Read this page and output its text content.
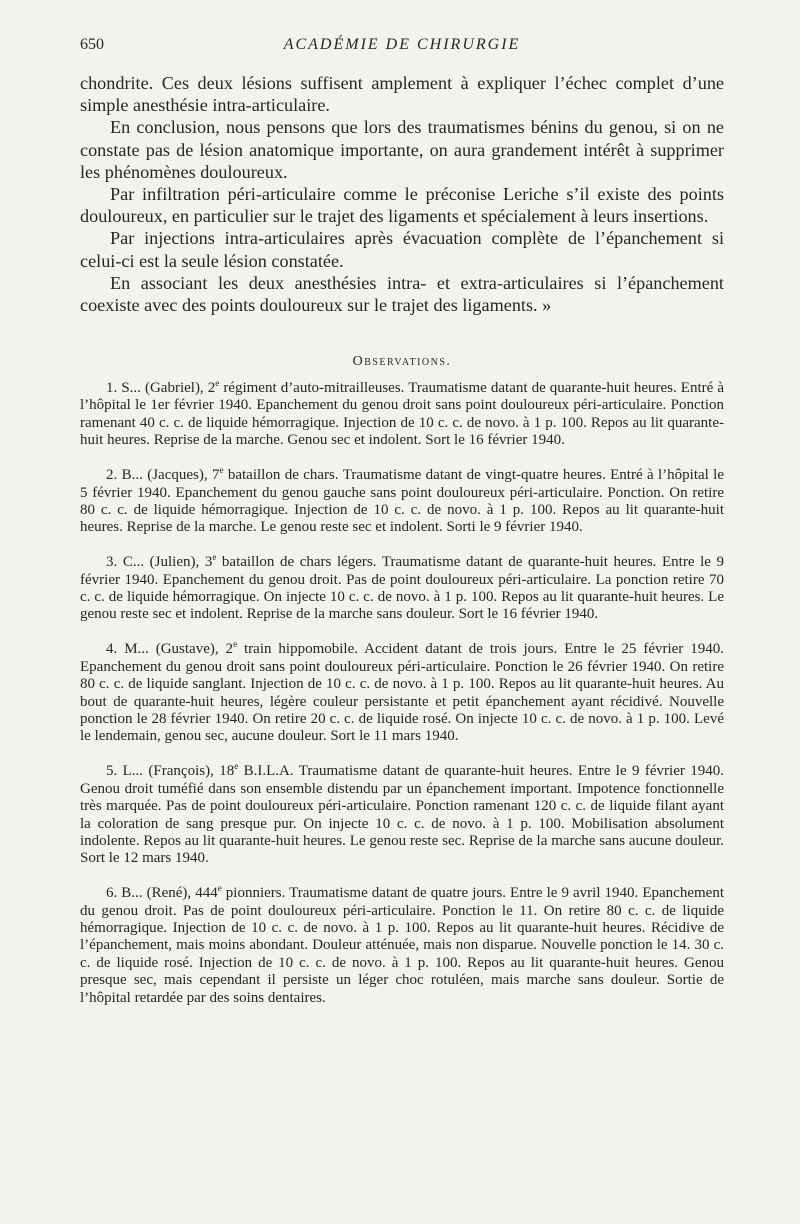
650	ACADÉMIE DE CHIRURGIE

chondrite. Ces deux lésions suffisent amplement à expliquer l’échec complet d’une simple anesthésie intra-articulaire.

En conclusion, nous pensons que lors des traumatismes bénins du genou, si on ne constate pas de lésion anatomique importante, on aura grandement intérêt à supprimer les phénomènes douloureux.

Par infiltration péri-articulaire comme le préconise Leriche s’il existe des points douloureux, en particulier sur le trajet des ligaments et spécialement à leurs insertions.

Par injections intra-articulaires après évacuation complète de l’épanchement si celui-ci est la seule lésion constatée.

En associant les deux anesthésies intra- et extra-articulaires si l’épanchement coexiste avec des points douloureux sur le trajet des ligaments. »

Observations.

1. S... (Gabriel), 2e régiment d’auto-mitrailleuses. Traumatisme datant de quarante-huit heures. Entré à l’hôpital le 1er février 1940. Epanchement du genou droit sans point douloureux péri-articulaire. Ponction ramenant 40 c. c. de liquide hémorragique. Injection de 10 c. c. de novo. à 1 p. 100. Repos au lit quarante-huit heures. Reprise de la marche. Genou sec et indolent. Sort le 16 février 1940.

2. B... (Jacques), 7e bataillon de chars. Traumatisme datant de vingt-quatre heures. Entré à l’hôpital le 5 février 1940. Epanchement du genou gauche sans point douloureux péri-articulaire. Ponction. On retire 80 c. c. de liquide hémorragique. Injection de 10 c. c. de novo. à 1 p. 100. Repos au lit quarante-huit heures. Reprise de la marche. Le genou reste sec et indolent. Sorti le 9 février 1940.

3. C... (Julien), 3e bataillon de chars légers. Traumatisme datant de quarante-huit heures. Entre le 9 février 1940. Epanchement du genou droit. Pas de point douloureux péri-articulaire. La ponction retire 70 c. c. de liquide hémorragique. On injecte 10 c. c. de novo. à 1 p. 100. Repos au lit quarante-huit heures. Le genou reste sec et indolent. Reprise de la marche sans douleur. Sort le 16 février 1940.

4. M... (Gustave), 2e train hippomobile. Accident datant de trois jours. Entre le 25 février 1940. Epanchement du genou droit sans point douloureux péri-articulaire. Ponction le 26 février 1940. On retire 80 c. c. de liquide sanglant. Injection de 10 c. c. de novo. à 1 p. 100. Repos au lit quarante-huit heures. Au bout de quarante-huit heures, légère couleur persistante et petit épanchement ayant récidivé. Nouvelle ponction le 28 février 1940. On retire 20 c. c. de liquide rosé. On injecte 10 c. c. de novo. à 1 p. 100. Levé le lendemain, genou sec, aucune douleur. Sort le 11 mars 1940.

5. L... (François), 18e B.I.L.A. Traumatisme datant de quarante-huit heures. Entre le 9 février 1940. Genou droit tuméfié dans son ensemble distendu par un épanchement important. Impotence fonctionnelle très marquée. Pas de point douloureux péri-articulaire. Ponction ramenant 120 c. c. de liquide filant ayant la coloration de sang presque pur. On injecte 10 c. c. de novo. à 1 p. 100. Mobilisation absolument indolente. Repos au lit quarante-huit heures. Le genou reste sec. Reprise de la marche sans aucune douleur. Sort le 12 mars 1940.

6. B... (René), 444e pionniers. Traumatisme datant de quatre jours. Entre le 9 avril 1940. Epanchement du genou droit. Pas de point douloureux péri-articulaire. Ponction le 11. On retire 80 c. c. de liquide hémorragique. Injection de 10 c. c. de novo. à 1 p. 100. Repos au lit quarante-huit heures. Récidive de l’épanchement, mais moins abondant. Douleur atténuée, mais non disparue. Nouvelle ponction le 14. 30 c. c. de liquide rosé. Injection de 10 c. c. de novo. à 1 p. 100. Repos au lit quarante-huit heures. Genou presque sec, mais cependant il persiste un léger choc rotuléen, mais marche sans douleur. Sortie de l’hôpital retardée par des soins dentaires.
